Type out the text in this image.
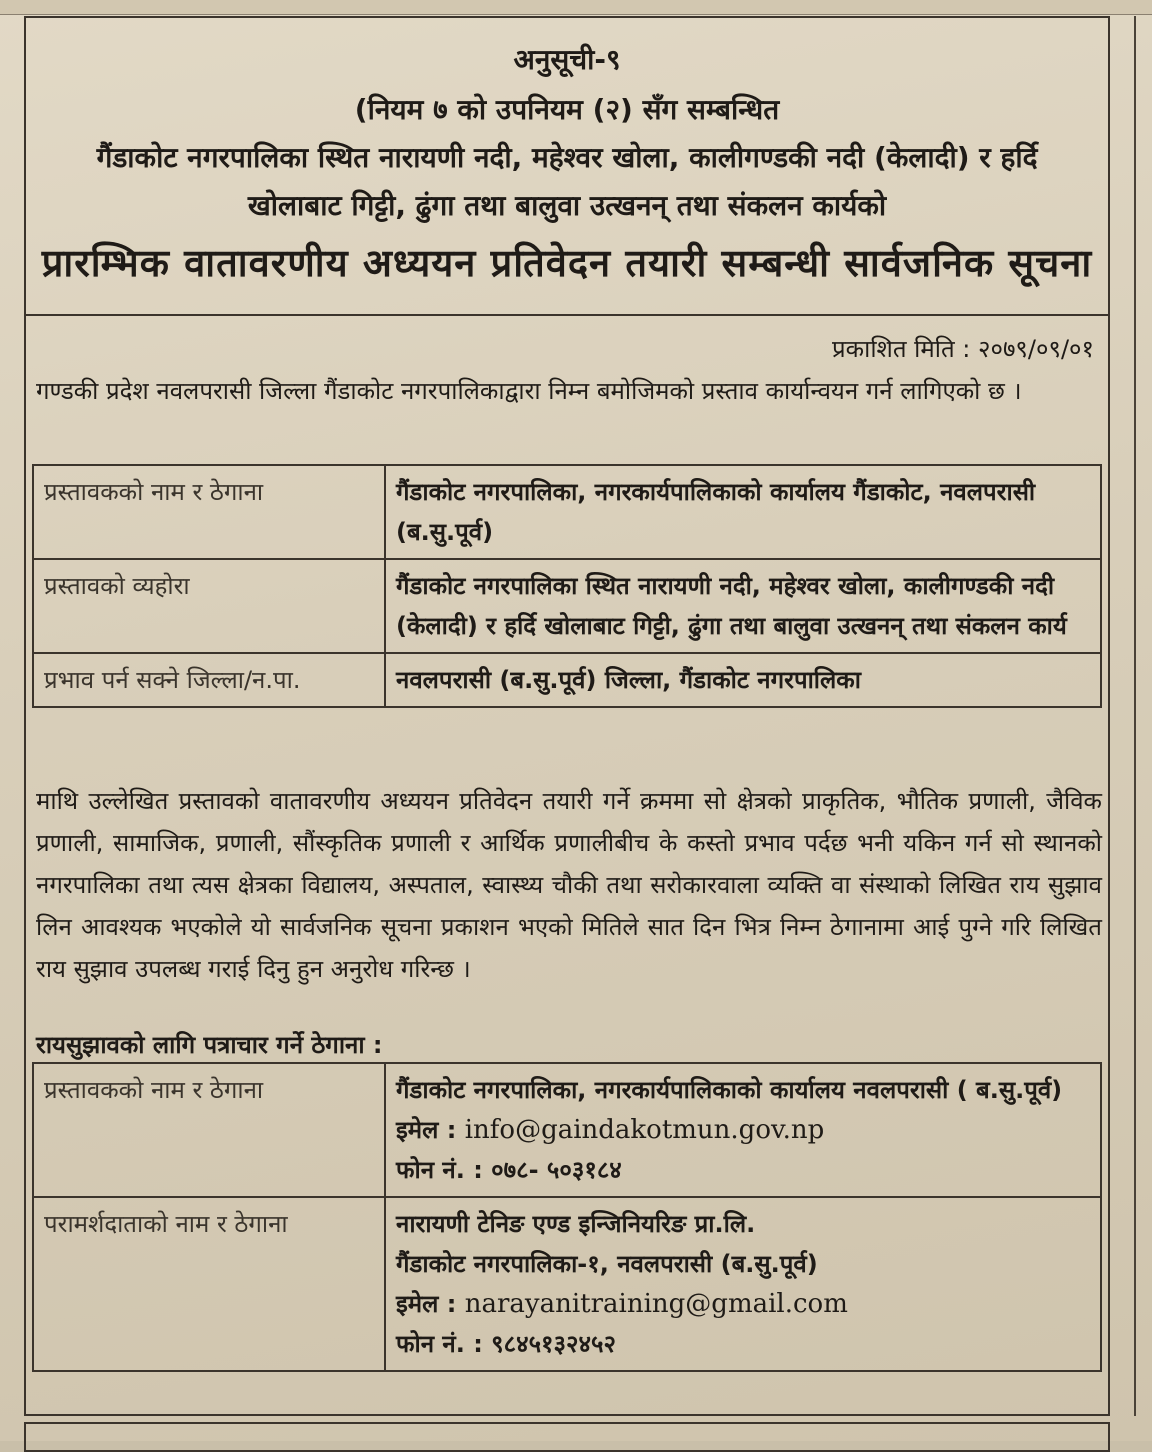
अनुसूची-९
(नियम ७ को उपनियम (२) सँग सम्बन्धित
गैंडाकोट नगरपालिका स्थित नारायणी नदी, महेश्वर खोला, कालीगण्डकी नदी (केलादी) र हर्दि
खोलाबाट गिट्टी, ढुंगा तथा बालुवा उत्खनन् तथा संकलन कार्यको
प्रारम्भिक वातावरणीय अध्ययन प्रतिवेदन तयारी सम्बन्धी सार्वजनिक सूचना
प्रकाशित मिति : २०७९/०९/०१
गण्डकी प्रदेश नवलपरासी जिल्ला गैंडाकोट नगरपालिकाद्वारा निम्न बमोजिमको प्रस्ताव कार्यान्वयन गर्न लागिएको छ ।
प्रस्तावकको नाम र ठेगाना	गैंडाकोट नगरपालिका, नगरकार्यपालिकाको कार्यालय गैंडाकोट, नवलपरासी (ब.सु.पूर्व)
प्रस्तावको व्यहोरा	गैंडाकोट नगरपालिका स्थित नारायणी नदी, महेश्वर खोला, कालीगण्डकी नदी (केलादी) र हर्दि खोलाबाट गिट्टी, ढुंगा तथा बालुवा उत्खनन् तथा संकलन कार्य
प्रभाव पर्न सक्ने जिल्ला/न.पा.	नवलपरासी (ब.सु.पूर्व) जिल्ला, गैंडाकोट नगरपालिका
माथि उल्लेखित प्रस्तावको वातावरणीय अध्ययन प्रतिवेदन तयारी गर्ने क्रममा सो क्षेत्रको प्राकृतिक, भौतिक प्रणाली, जैविक प्रणाली, सामाजिक, प्रणाली, सौंस्कृतिक प्रणाली र आर्थिक प्रणालीबीच के कस्तो प्रभाव पर्दछ भनी यकिन गर्न सो स्थानको नगरपालिका तथा त्यस क्षेत्रका विद्यालय, अस्पताल, स्वास्थ्य चौकी तथा सरोकारवाला व्यक्ति वा संस्थाको लिखित राय सुझाव लिन आवश्यक भएकोले यो सार्वजनिक सूचना प्रकाशन भएको मितिले सात दिन भित्र निम्न ठेगानामा आई पुग्ने गरि लिखित राय सुझाव उपलब्ध गराई दिनु हुन अनुरोध गरिन्छ ।
रायसुझावको लागि पत्राचार गर्ने ठेगाना :
प्रस्तावकको नाम र ठेगाना	गैंडाकोट नगरपालिका, नगरकार्यपालिकाको कार्यालय नवलपरासी ( ब.सु.पूर्व)
इमेल : info@gaindakotmun.gov.np
फोन नं. : ०७८- ५०३१८४

परामर्शदाताको नाम र ठेगाना	नारायणी टेनिङ एण्ड इन्जिनियरिङ प्रा.लि.
गैंडाकोट नगरपालिका-१, नवलपरासी (ब.सु.पूर्व)
इमेल : narayanitraining@gmail.com
फोन नं. : ९८४५१३२४५२
